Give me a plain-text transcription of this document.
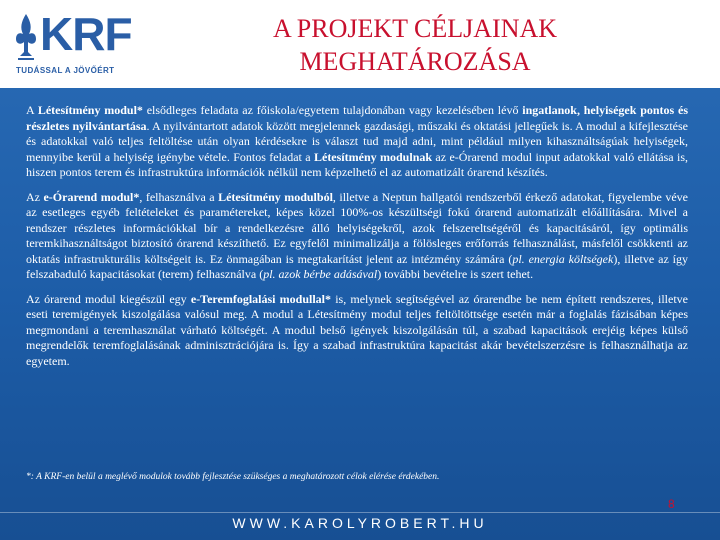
KRF
TUDÁSSAL A JÖVŐÉRT
A PROJEKT CÉLJAINAK
MEGHATÁROZÁSA

A Létesítmény modul* elsődleges feladata az főiskola/egyetem tulajdonában vagy kezelésében lévő ingatlanok, helyiségek pontos és részletes nyilvántartása. A nyilvántartott adatok között megjelennek gazdasági, műszaki és oktatási jellegűek is. A modul a kifejlesztése és adatokkal való teljes feltöltése után olyan kérdésekre is választ tud majd adni, mint például milyen kihasználtságúak helyiségek, mennyibe kerül a helyiség igénybe vétele. Fontos feladat a Létesítmény modulnak az e-Órarend modul input adatokkal való ellátása is, hiszen pontos terem és infrastruktúra információk nélkül nem képzelhető el az automatizált órarend készítés.

Az e-Órarend modul*, felhasználva a Létesítmény modulból, illetve a Neptun hallgatói rendszerből érkező adatokat, figyelembe véve az esetleges egyéb feltételeket és paramétereket, képes közel 100%-os készültségi fokú órarend automatizált előállítására. Mivel a rendszer részletes információkkal bír a rendelkezésre álló helyiségekről, azok felszereltségéről és kapacitásáról, így optimális teremkihasználtságot biztosító órarend készíthető. Ez egyfelől minimalizálja a fölösleges erőforrás felhasználást, másfelől csökkenti az oktatás infrastrukturális költségeit is. Ez önmagában is megtakarítást jelent az intézmény számára (pl. energia költségek), illetve az így felszabaduló kapacitásokat (terem) felhasználva (pl. azok bérbe adásával) további bevételre is szert tehet.

Az órarend modul kiegészül egy e-Teremfoglalási modullal* is, melynek segítségével az órarendbe be nem épített rendszeres, illetve eseti teremigények kiszolgálása valósul meg. A modul a Létesítmény modul teljes feltöltöttsége esetén már a foglalás fázisában képes megmondani a teremhasználat várható költségét. A modul belső igények kiszolgálásán túl, a szabad kapacitások erejéig képes külső megrendelők teremfoglalásának adminisztrációjára is. Így a szabad infrastruktúra kapacitást akár bevételszerzésre is felhasználhatja az egyetem.

*: A KRF-en belül a meglévő modulok tovább fejlesztése szükséges a meghatározott célok elérése érdekében.
8
WWW.KAROLYROBERT.HU
